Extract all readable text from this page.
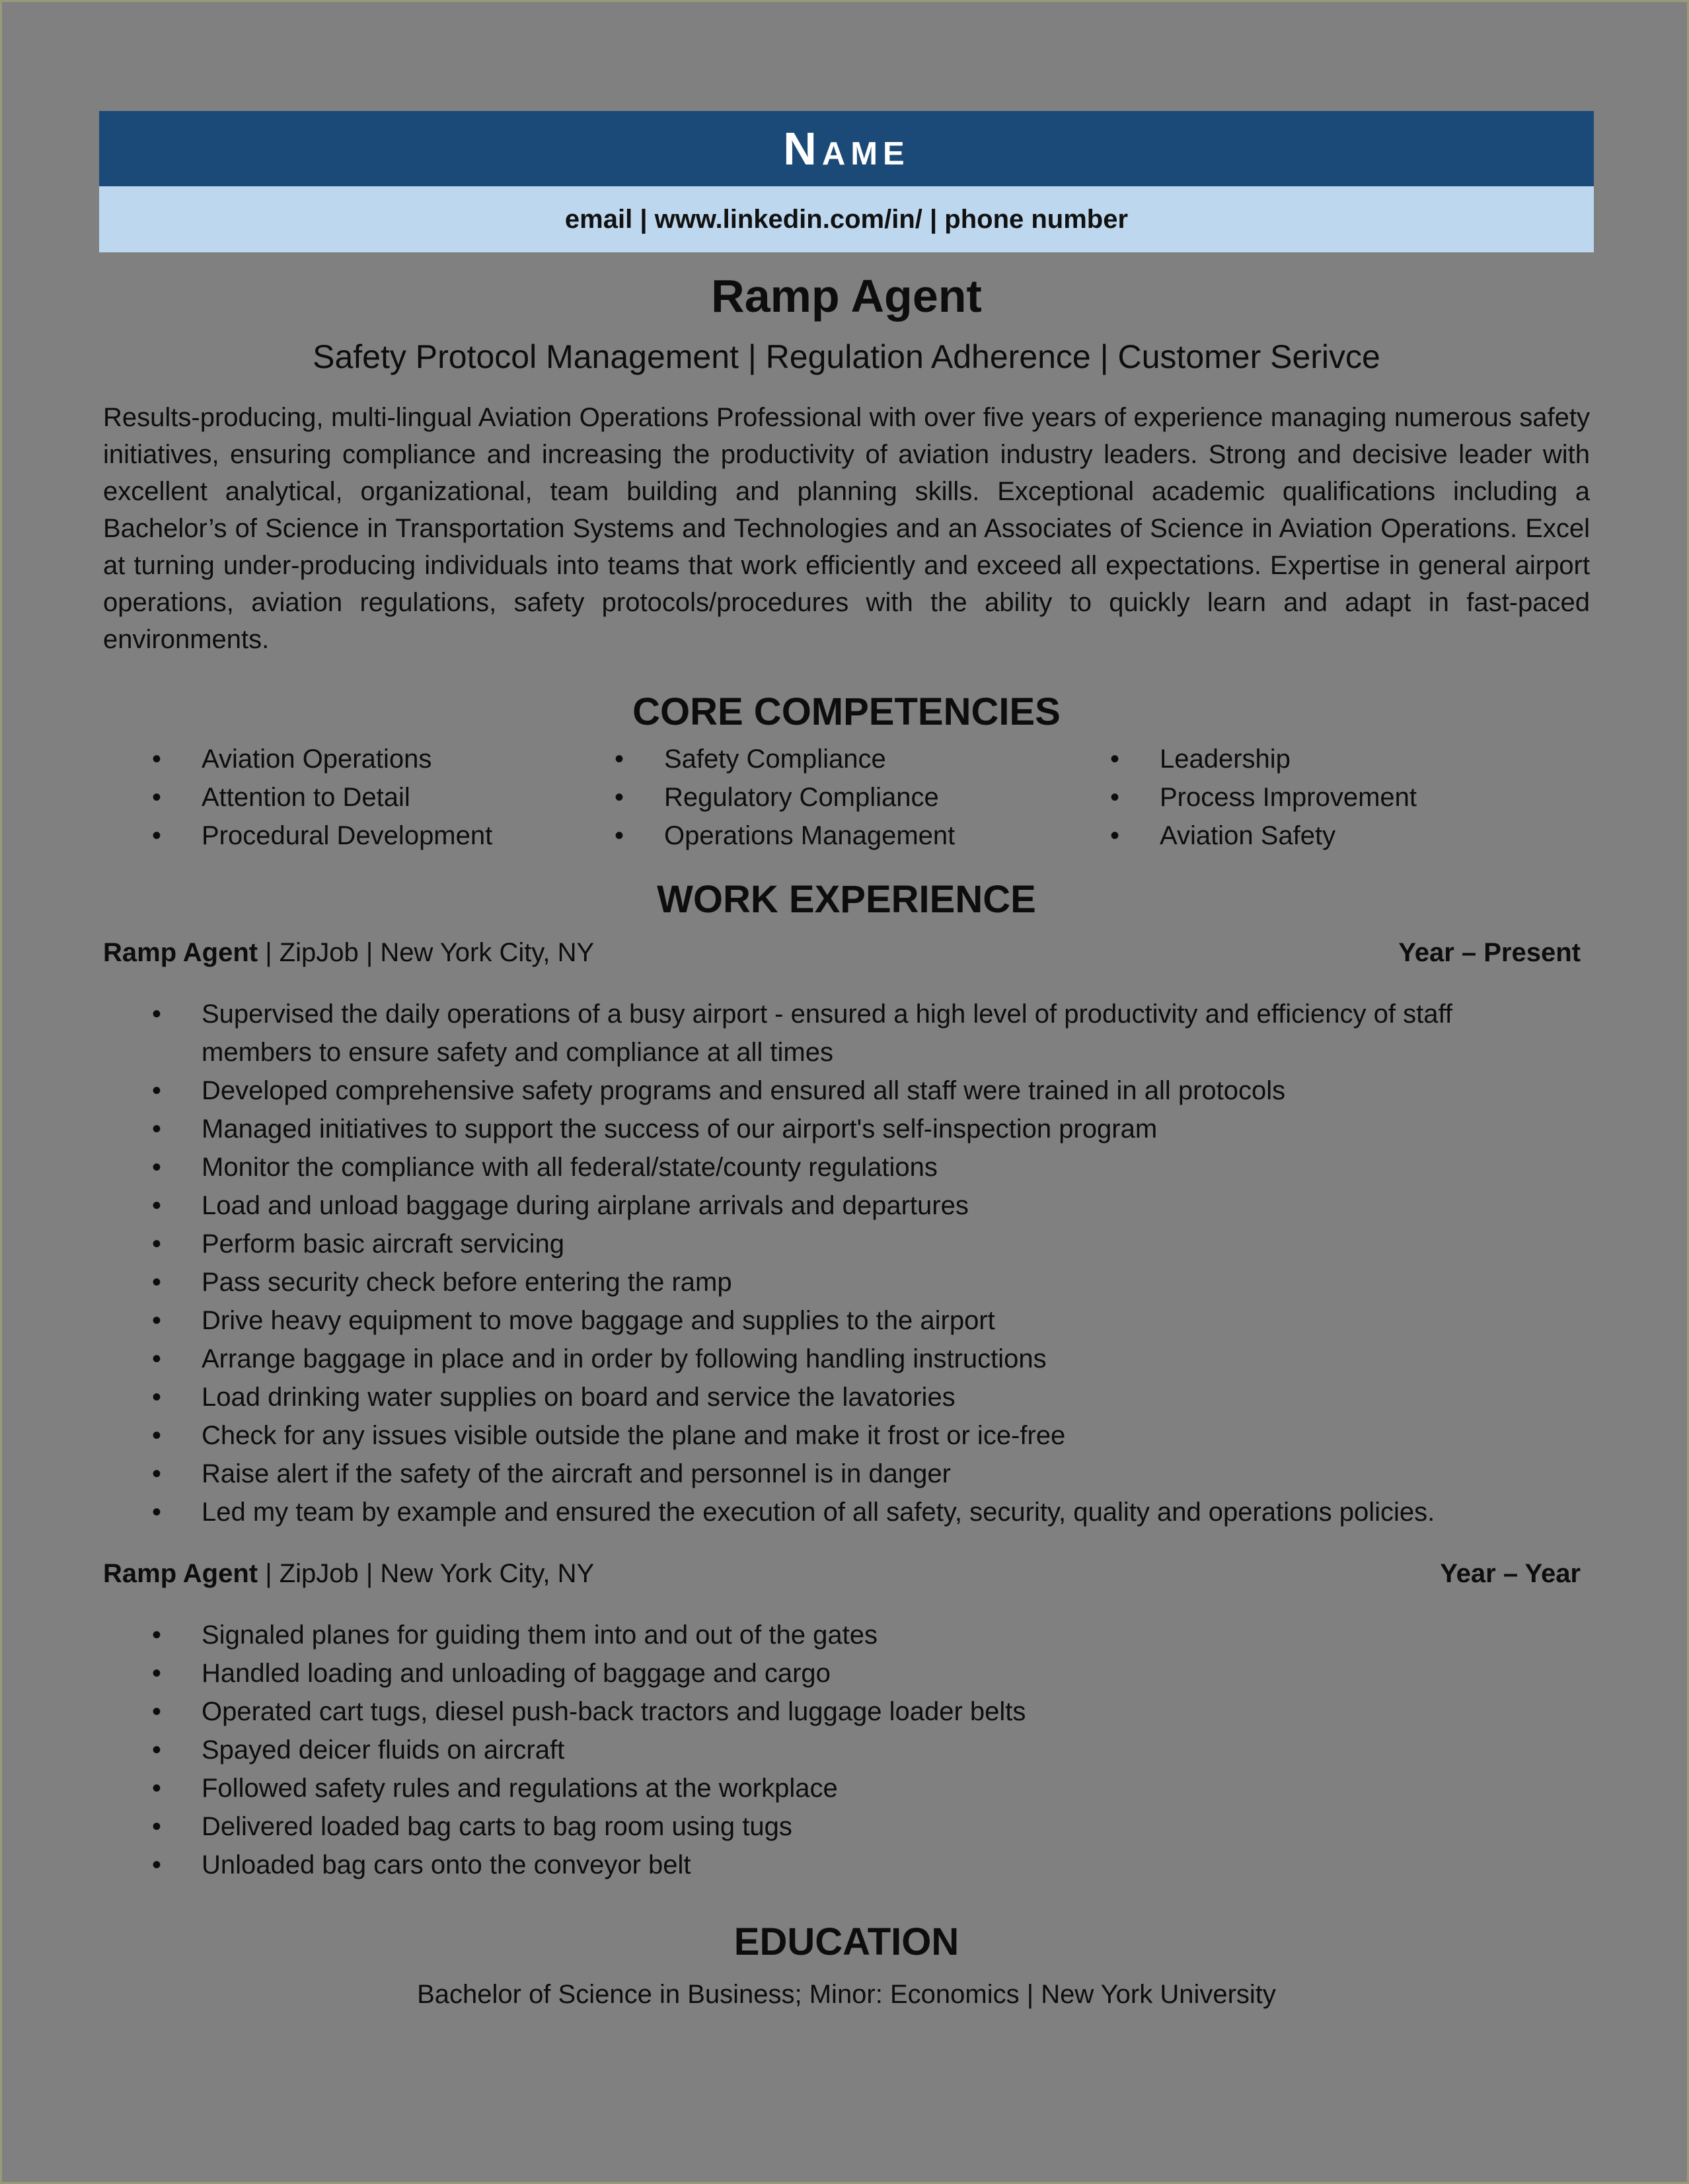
Name
email | www.linkedin.com/in/ | phone number
Ramp Agent
Safety Protocol Management | Regulation Adherence | Customer Serivce
Results-producing, multi-lingual Aviation Operations Professional with over five years of experience managing numerous safety initiatives, ensuring compliance and increasing the productivity of aviation industry leaders. Strong and decisive leader with excellent analytical, organizational, team building and planning skills. Exceptional academic qualifications including a Bachelor’s of Science in Transportation Systems and Technologies and an Associates of Science in Aviation Operations. Excel at turning under-producing individuals into teams that work efficiently and exceed all expectations. Expertise in general airport operations, aviation regulations, safety protocols/procedures with the ability to quickly learn and adapt in fast-paced environments.
CORE COMPETENCIES
• Aviation Operations
• Attention to Detail
• Procedural Development
• Safety Compliance
• Regulatory Compliance
• Operations Management
• Leadership
• Process Improvement
• Aviation Safety
WORK EXPERIENCE
Ramp Agent | ZipJob | New York City, NY	Year – Present
• Supervised the daily operations of a busy airport - ensured a high level of productivity and efficiency of staff members to ensure safety and compliance at all times
• Developed comprehensive safety programs and ensured all staff were trained in all protocols
• Managed initiatives to support the success of our airport's self-inspection program
• Monitor the compliance with all federal/state/county regulations
• Load and unload baggage during airplane arrivals and departures
• Perform basic aircraft servicing
• Pass security check before entering the ramp
• Drive heavy equipment to move baggage and supplies to the airport
• Arrange baggage in place and in order by following handling instructions
• Load drinking water supplies on board and service the lavatories
• Check for any issues visible outside the plane and make it frost or ice-free
• Raise alert if the safety of the aircraft and personnel is in danger
• Led my team by example and ensured the execution of all safety, security, quality and operations policies.
Ramp Agent | ZipJob | New York City, NY	Year – Year
• Signaled planes for guiding them into and out of the gates
• Handled loading and unloading of baggage and cargo
• Operated cart tugs, diesel push-back tractors and luggage loader belts
• Spayed deicer fluids on aircraft
• Followed safety rules and regulations at the workplace
• Delivered loaded bag carts to bag room using tugs
• Unloaded bag cars onto the conveyor belt
EDUCATION
Bachelor of Science in Business; Minor: Economics | New York University
